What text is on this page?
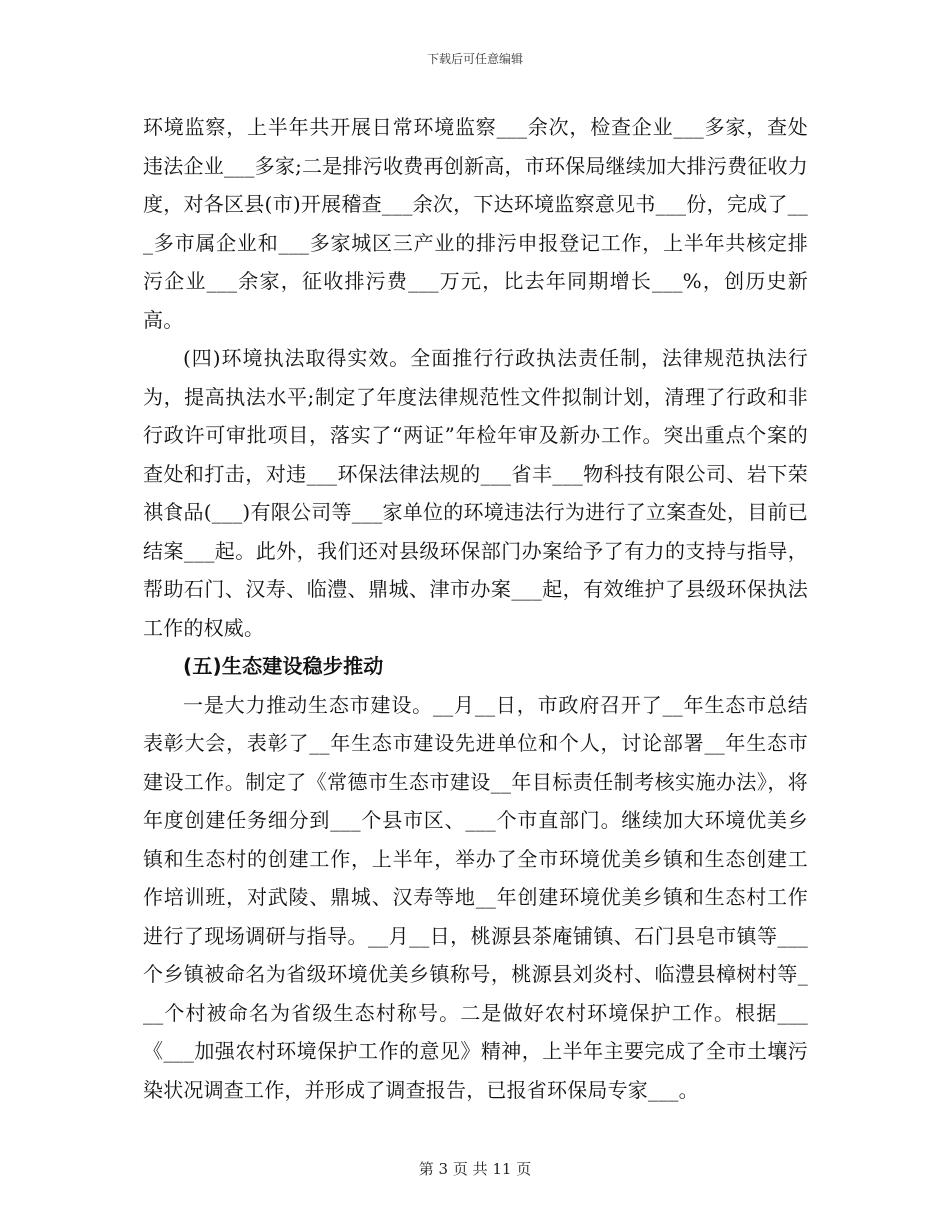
下载后可任意编辑

环境监察，上半年共开展日常环境监察___余次，检查企业___多家，查处违法企业___多家;二是排污收费再创新高，市环保局继续加大排污费征收力度，对各区县(市)开展稽查___余次，下达环境监察意见书___份，完成了___多市属企业和___多家城区三产业的排污申报登记工作，上半年共核定排污企业___余家，征收排污费___万元，比去年同期增长___%，创历史新高。

(四)环境执法取得实效。全面推行行政执法责任制，法律规范执法行为，提高执法水平;制定了年度法律规范性文件拟制计划，清理了行政和非行政许可审批项目，落实了“两证”年检年审及新办工作。突出重点个案的查处和打击，对违___环保法律法规的___省丰___物科技有限公司、岩下荣祺食品(___)有限公司等___家单位的环境违法行为进行了立案查处，目前已结案___起。此外，我们还对县级环保部门办案给予了有力的支持与指导，帮助石门、汉寿、临澧、鼎城、津市办案___起，有效维护了县级环保执法工作的权威。

(五)生态建设稳步推动

一是大力推动生态市建设。__月__日，市政府召开了__年生态市总结表彰大会，表彰了__年生态市建设先进单位和个人，讨论部署__年生态市建设工作。制定了《常德市生态市建设__年目标责任制考核实施办法》，将年度创建任务细分到___个县市区、___个市直部门。继续加大环境优美乡镇和生态村的创建工作，上半年，举办了全市环境优美乡镇和生态创建工作培训班，对武陵、鼎城、汉寿等地__年创建环境优美乡镇和生态村工作进行了现场调研与指导。__月__日，桃源县茶庵铺镇、石门县皂市镇等___个乡镇被命名为省级环境优美乡镇称号，桃源县刘炎村、临澧县樟树村等___个村被命名为省级生态村称号。二是做好农村环境保护工作。根据___《___加强农村环境保护工作的意见》精神，上半年主要完成了全市土壤污染状况调查工作，并形成了调查报告，已报省环保局专家___。

第 3 页 共 11 页
